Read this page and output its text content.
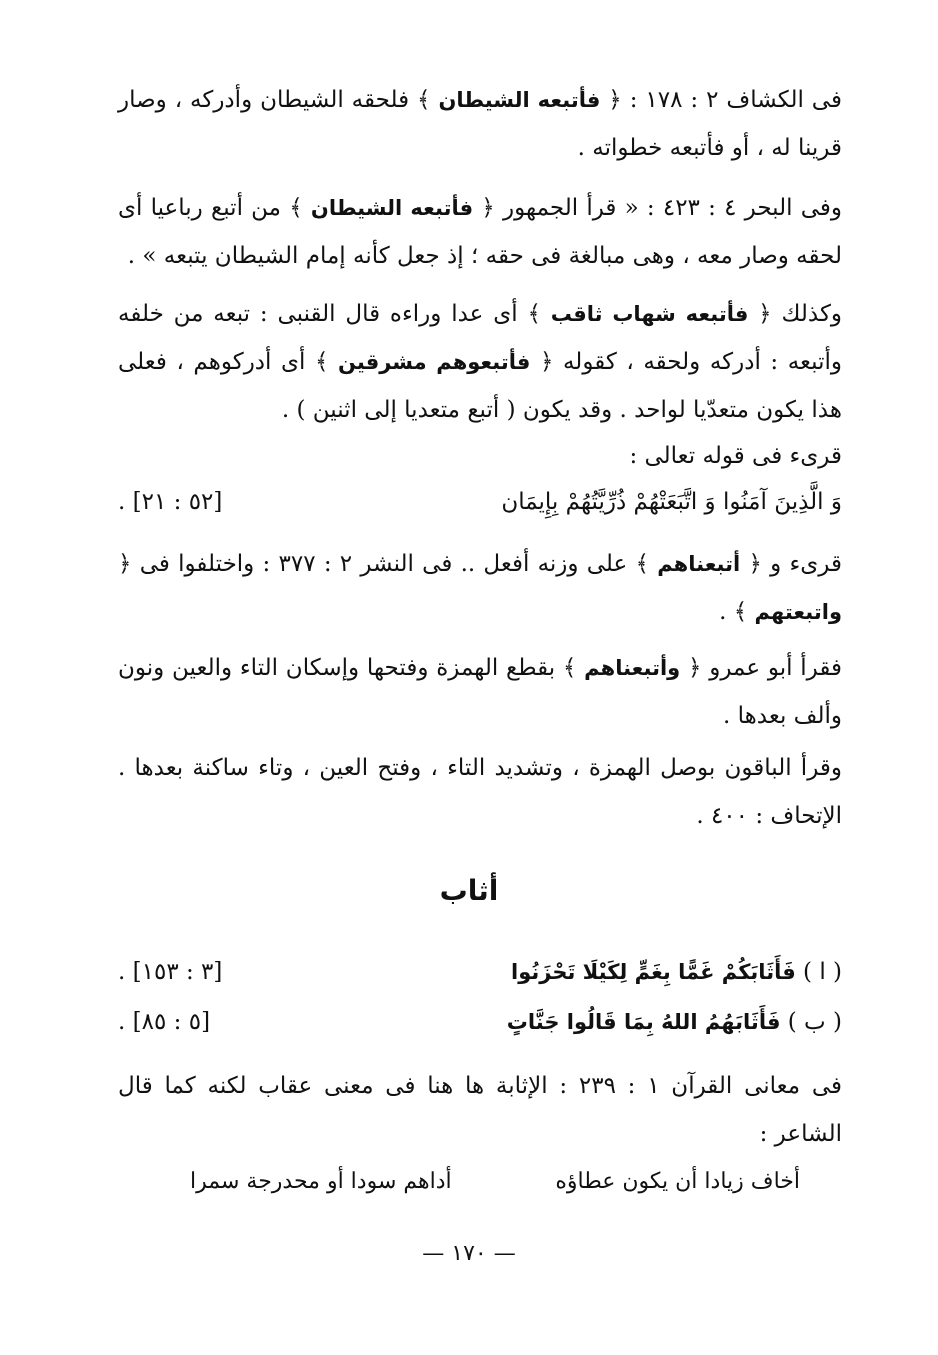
فى الكشاف ٢ : ١٧٨ : ﴿ فأتبعه الشيطان ﴾ فلحقه الشيطان وأدركه ، وصار قرينا له ، أو فأتبعه خطواته .
وفى البحر ٤ : ٤٢٣ : « قرأ الجمهور ﴿ فأتبعه الشيطان ﴾ من أتبع رباعيا أى لحقه وصار معه ، وهى مبالغة فى حقه ؛ إذ جعل كأنه إمام الشيطان يتبعه » .
وكذلك ﴿ فأتبعه شهاب ثاقب ﴾ أى عدا وراءه قال القنبى : تبعه من خلفه وأتبعه : أدركه ولحقه ، كقوله ﴿ فأتبعوهم مشرقين ﴾ أى أدركوهم ، فعلى هذا يكون متعدّيا لواحد . وقد يكون ( أتبع متعديا إلى اثنين ) .
قرىء فى قوله تعالى :
وَ الَّذِينَ آمَنُوا وَ اتَّبَعَتْهُمْ ذُرِّيَّتُهُمْ بِإِيمَان
[٥٢ : ٢١] .
قرىء و ﴿ أتبعناهم ﴾ على وزنه أفعل .. فى النشر ٢ : ٣٧٧ : واختلفوا فى ﴿ واتبعتهم ﴾ .
فقرأ أبو عمرو ﴿ وأتبعناهم ﴾ بقطع الهمزة وفتحها وإسكان التاء والعين ونون وألف بعدها .
وقرأ الباقون بوصل الهمزة ، وتشديد التاء ، وفتح العين ، وتاء ساكنة بعدها . الإتحاف : ٤٠٠ .
أثاب
( ا ) فَأَثَابَكُمْ غَمًّا بِغَمٍّ لِكَيْلَا تَحْزَنُوا
[٣ : ١٥٣] .
( ب ) فَأَثَابَهُمُ اللهُ بِمَا قَالُوا جَنَّاتٍ
[٥ : ٨٥] .
فى معانى القرآن ١ : ٢٣٩ : الإثابة ها هنا فى معنى عقاب لكنه كما قال الشاعر :
أخاف زيادا أن يكون عطاؤه
أداهم سودا أو محدرجة سمرا
— ١٧٠ —
